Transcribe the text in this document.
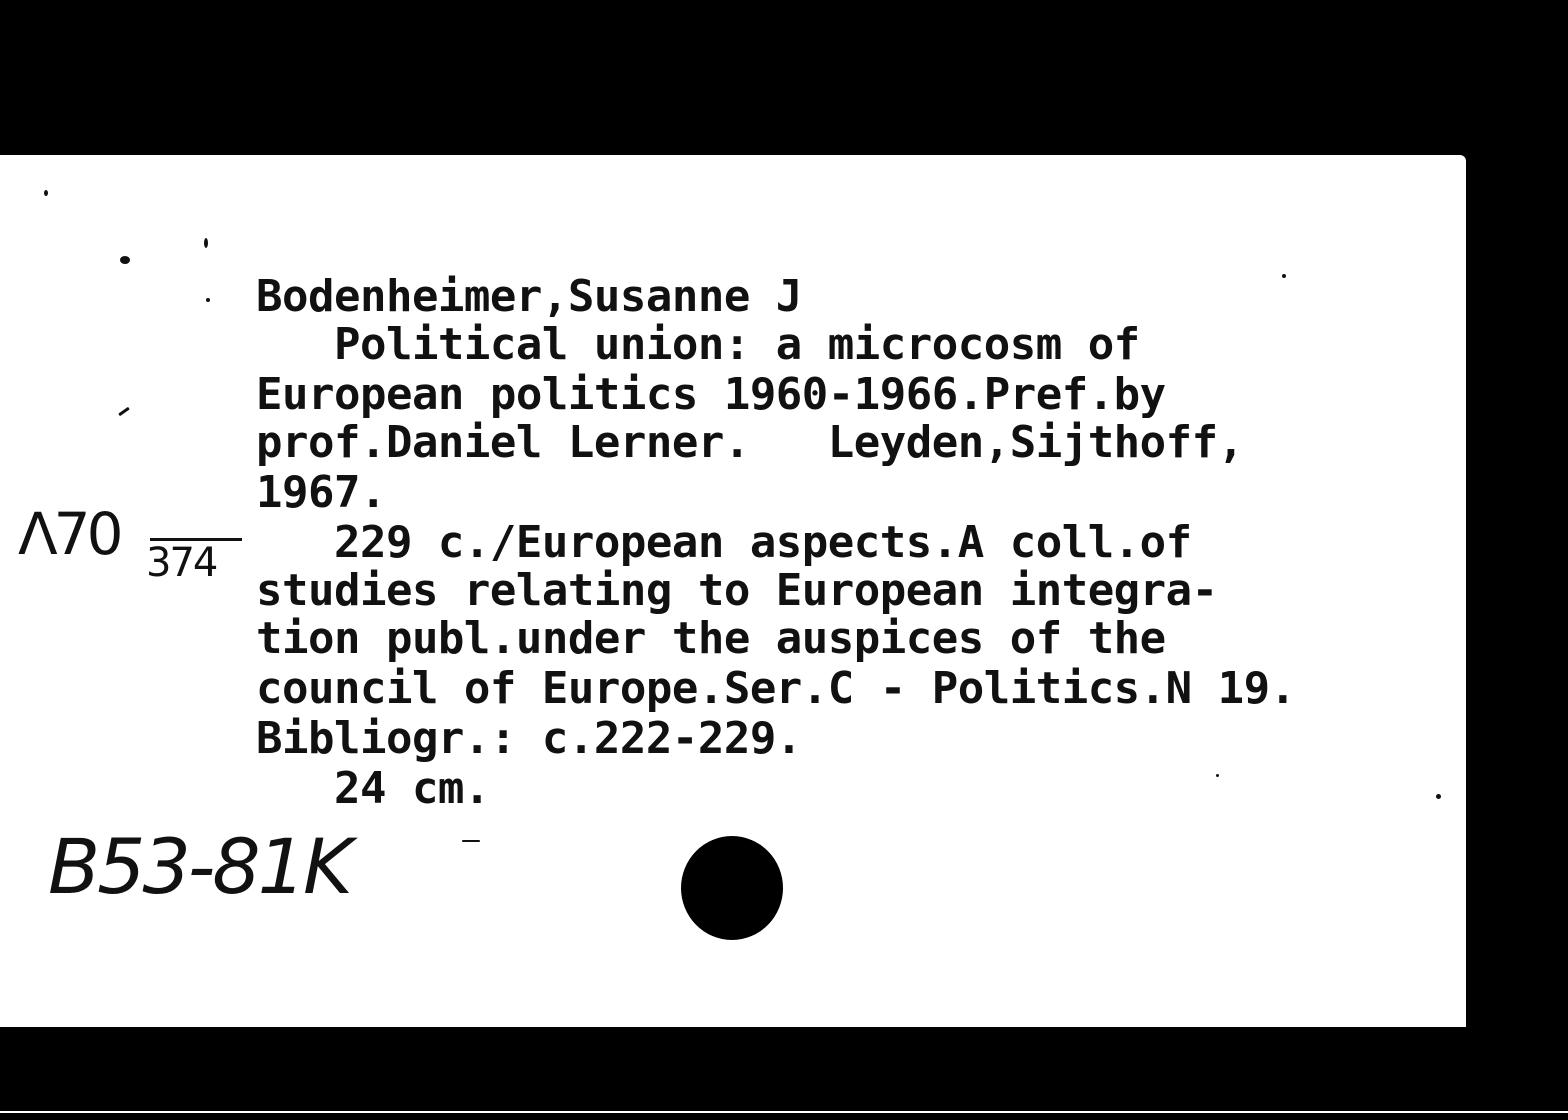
Bodenheimer,Susanne J
Political union: a microcosm of
European politics 1960-1966.Pref.by
prof.Daniel Lerner.   Leyden,Sijthoff,
1967.
229 c./European aspects.A coll.of
studies relating to European integra-
tion publ.under the auspices of the
council of Europe.Ser.C - Politics.N 19.
Bibliogr.: c.222-229.
24 cm.
Λ70 374
B53-81K
